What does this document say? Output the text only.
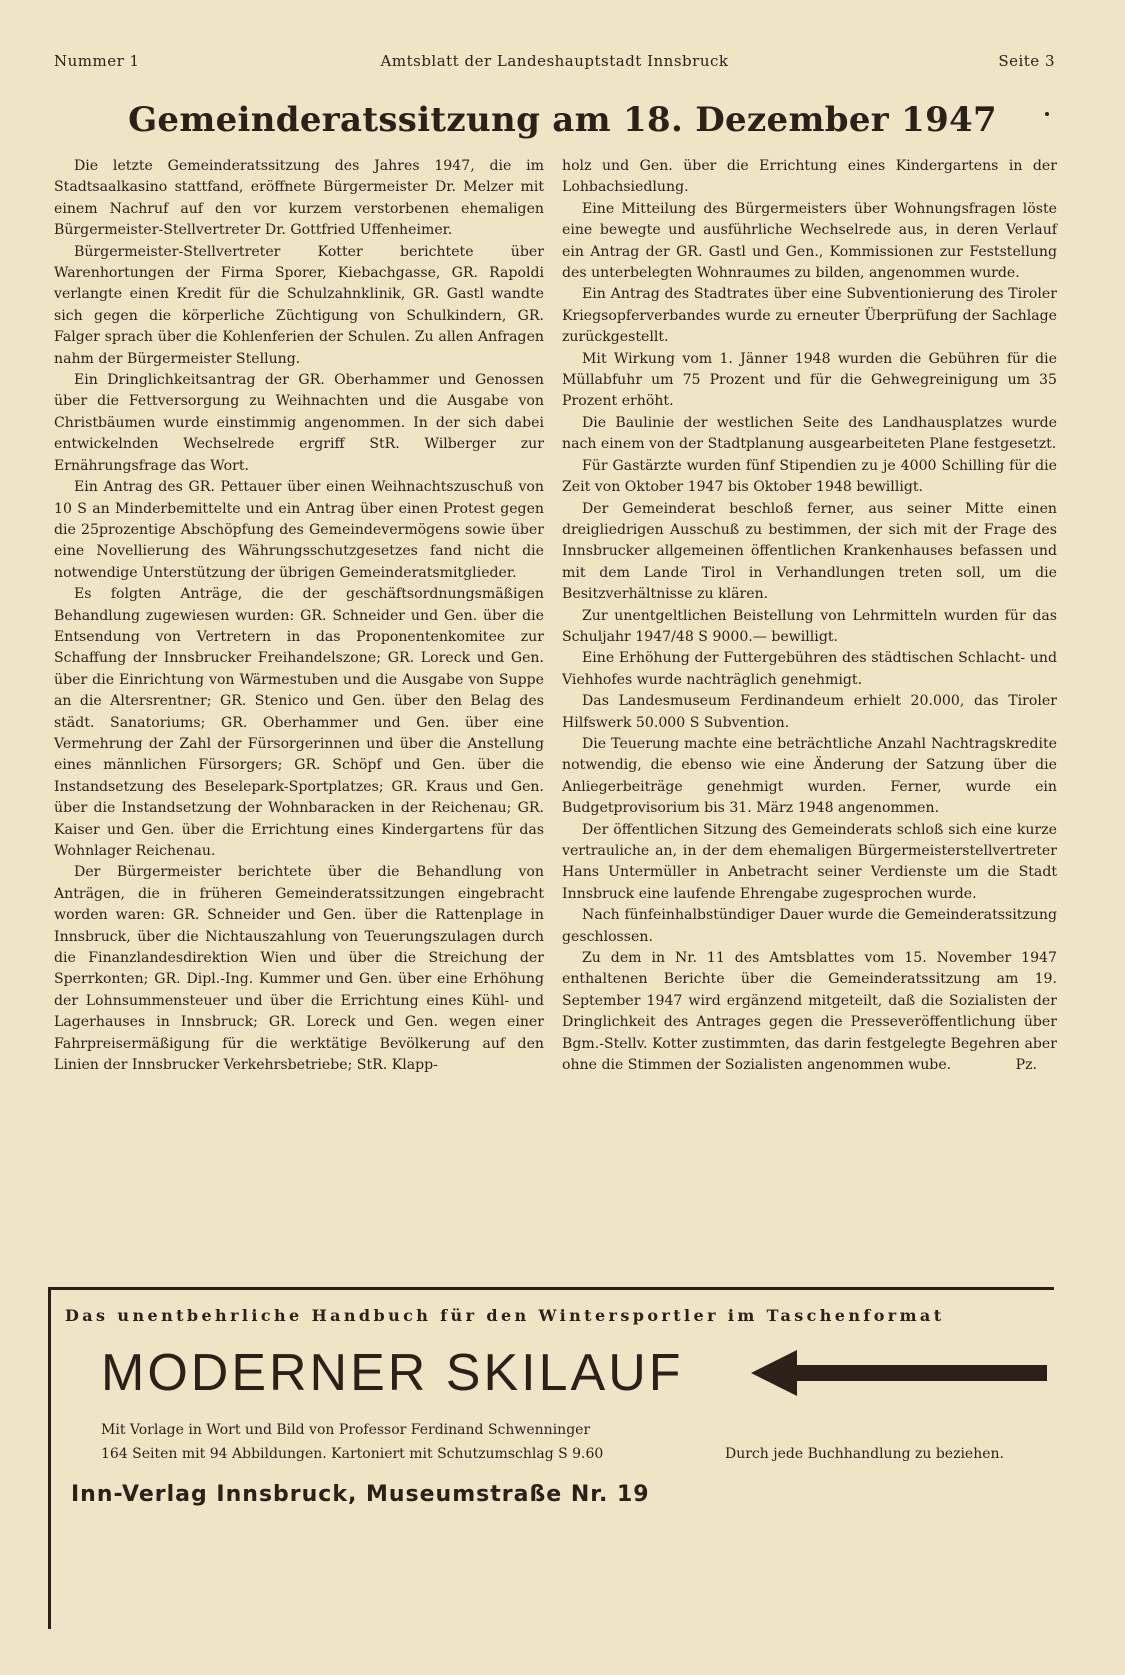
Nummer 1	Amtsblatt der Landeshauptstadt Innsbruck	Seite 3
Gemeinderatssitzung am 18. Dezember 1947

Die letzte Gemeinderatssitzung des Jahres 1947, die im Stadtsaalkasino stattfand, eröffnete Bürgermeister Dr. Melzer mit einem Nachruf auf den vor kurzem verstorbenen ehemaligen Bürgermeister-Stellvertreter Dr. Gottfried Uffenheimer.

Bürgermeister-Stellvertreter Kotter berichtete über Warenhortungen der Firma Sporer, Kiebachgasse, GR. Rapoldi verlangte einen Kredit für die Schulzahnklinik, GR. Gastl wandte sich gegen die körperliche Züchtigung von Schulkindern, GR. Falger sprach über die Kohlenferien der Schulen. Zu allen Anfragen nahm der Bürgermeister Stellung.

Ein Dringlichkeitsantrag der GR. Oberhammer und Genossen über die Fettversorgung zu Weihnachten und die Ausgabe von Christbäumen wurde einstimmig angenommen. In der sich dabei entwickelnden Wechselrede ergriff StR. Wilberger zur Ernährungsfrage das Wort.

Ein Antrag des GR. Pettauer über einen Weihnachtszuschuß von 10 S an Minderbemittelte und ein Antrag über einen Protest gegen die 25prozentige Abschöpfung des Gemeindevermögens sowie über eine Novellierung des Währungsschutzgesetzes fand nicht die notwendige Unterstützung der übrigen Gemeinderatsmitglieder.

Es folgten Anträge, die der geschäftsordnungsmäßigen Behandlung zugewiesen wurden: GR. Schneider und Gen. über die Entsendung von Vertretern in das Proponentenkomitee zur Schaffung der Innsbrucker Freihandelszone; GR. Loreck und Gen. über die Einrichtung von Wärmestuben und die Ausgabe von Suppe an die Altersrentner; GR. Stenico und Gen. über den Belag des städt. Sanatoriums; GR. Oberhammer und Gen. über eine Vermehrung der Zahl der Fürsorgerinnen und über die Anstellung eines männlichen Fürsorgers; GR. Schöpf und Gen. über die Instandsetzung des Beselepark-Sportplatzes; GR. Kraus und Gen. über die Instandsetzung der Wohnbaracken in der Reichenau; GR. Kaiser und Gen. über die Errichtung eines Kindergartens für das Wohnlager Reichenau.

Der Bürgermeister berichtete über die Behandlung von Anträgen, die in früheren Gemeinderatssitzungen eingebracht worden waren: GR. Schneider und Gen. über die Rattenplage in Innsbruck, über die Nichtauszahlung von Teuerungszulagen durch die Finanzlandesdirektion Wien und über die Streichung der Sperrkonten; GR. Dipl.-Ing. Kummer und Gen. über eine Erhöhung der Lohnsummensteuer und über die Errichtung eines Kühl- und Lagerhauses in Innsbruck; GR. Loreck und Gen. wegen einer Fahrpreisermäßigung für die werktätige Bevölkerung auf den Linien der Innsbrucker Verkehrsbetriebe; StR. Klapp-

holz und Gen. über die Errichtung eines Kindergartens in der Lohbachsiedlung.

Eine Mitteilung des Bürgermeisters über Wohnungsfragen löste eine bewegte und ausführliche Wechselrede aus, in deren Verlauf ein Antrag der GR. Gastl und Gen., Kommissionen zur Feststellung des unterbelegten Wohnraumes zu bilden, angenommen wurde.

Ein Antrag des Stadtrates über eine Subventionierung des Tiroler Kriegsopferverbandes wurde zu erneuter Überprüfung der Sachlage zurückgestellt.

Mit Wirkung vom 1. Jänner 1948 wurden die Gebühren für die Müllabfuhr um 75 Prozent und für die Gehwegreinigung um 35 Prozent erhöht.

Die Baulinie der westlichen Seite des Landhausplatzes wurde nach einem von der Stadtplanung ausgearbeiteten Plane festgesetzt.

Für Gastärzte wurden fünf Stipendien zu je 4000 Schilling für die Zeit von Oktober 1947 bis Oktober 1948 bewilligt.

Der Gemeinderat beschloß ferner, aus seiner Mitte einen dreigliedrigen Ausschuß zu bestimmen, der sich mit der Frage des Innsbrucker allgemeinen öffentlichen Krankenhauses befassen und mit dem Lande Tirol in Verhandlungen treten soll, um die Besitzverhältnisse zu klären.

Zur unentgeltlichen Beistellung von Lehrmitteln wurden für das Schuljahr 1947/48 S 9000.— bewilligt.

Eine Erhöhung der Futtergebühren des städtischen Schlacht- und Viehhofes wurde nachträglich genehmigt.

Das Landesmuseum Ferdinandeum erhielt 20.000, das Tiroler Hilfswerk 50.000 S Subvention.

Die Teuerung machte eine beträchtliche Anzahl Nachtragskredite notwendig, die ebenso wie eine Änderung der Satzung über die Anliegerbeiträge genehmigt wurden. Ferner, wurde ein Budgetprovisorium bis 31. März 1948 angenommen.

Der öffentlichen Sitzung des Gemeinderats schloß sich eine kurze vertrauliche an, in der dem ehemaligen Bürgermeisterstellvertreter Hans Untermüller in Anbetracht seiner Verdienste um die Stadt Innsbruck eine laufende Ehrengabe zugesprochen wurde.

Nach fünfeinhalbstündiger Dauer wurde die Gemeinderatssitzung geschlossen.

Zu dem in Nr. 11 des Amtsblattes vom 15. November 1947 enthaltenen Berichte über die Gemeinderatssitzung am 19. September 1947 wird ergänzend mitgeteilt, daß die Sozialisten der Dringlichkeit des Antrages gegen die Presseveröffentlichung über Bgm.-Stellv. Kotter zustimmten, das darin festgelegte Begehren aber ohne die Stimmen der Sozialisten angenommen wube.	Pz.
Das unentbehrliche Handbuch für den Wintersportler im Taschenformat
MODERNER SKILAUF
Mit Vorlage in Wort und Bild von Professor Ferdinand Schwenninger
164 Seiten mit 94 Abbildungen. Kartoniert mit Schutzumschlag S 9.60	Durch jede Buchhandlung zu beziehen.
Inn-Verlag Innsbruck, Museumstraße Nr. 19
